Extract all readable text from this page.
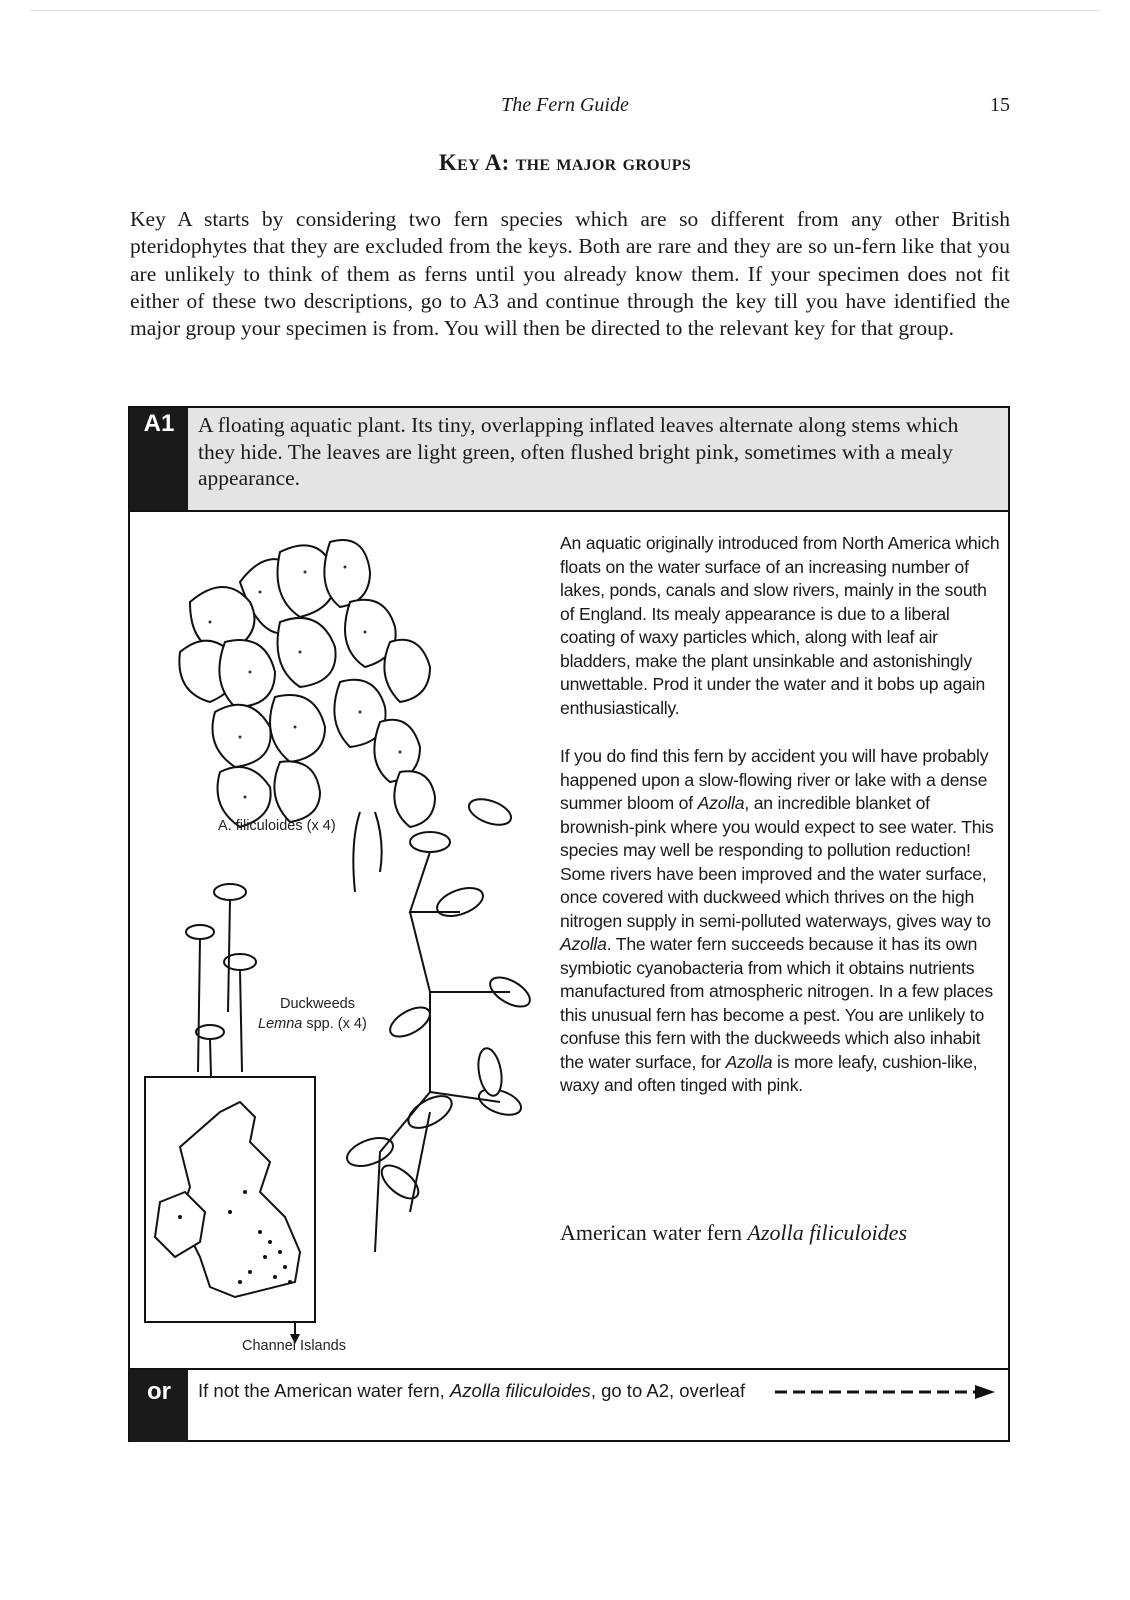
The Fern Guide	15
Key A: the major groups
Key A starts by considering two fern species which are so different from any other British pteridophytes that they are excluded from the keys. Both are rare and they are so un-fern like that you are unlikely to think of them as ferns until you already know them. If your specimen does not fit either of these two descriptions, go to A3 and continue through the key till you have identified the major group your specimen is from. You will then be directed to the relevant key for that group.
A1	A floating aquatic plant. Its tiny, overlapping inflated leaves alternate along stems which they hide. The leaves are light green, often flushed bright pink, sometimes with a mealy appearance.
A. filiculoides (x 4)
Duckweeds
Lemna spp. (x 4)
Channel Islands

An aquatic originally introduced from North America which floats on the water surface of an increasing number of lakes, ponds, canals and slow rivers, mainly in the south of England. Its mealy appearance is due to a liberal coating of waxy particles which, along with leaf air bladders, make the plant unsinkable and astonishingly unwettable. Prod it under the water and it bobs up again enthusiastically.

If you do find this fern by accident you will have probably happened upon a slow-flowing river or lake with a dense summer bloom of Azolla, an incredible blanket of brownish-pink where you would expect to see water. This species may well be responding to pollution reduction! Some rivers have been improved and the water surface, once covered with duckweed which thrives on the high nitrogen supply in semi-polluted waterways, gives way to Azolla. The water fern succeeds because it has its own symbiotic cyanobacteria from which it obtains nutrients manufactured from atmospheric nitrogen. In a few places this unusual fern has become a pest. You are unlikely to confuse this fern with the duckweeds which also inhabit the water surface, for Azolla is more leafy, cushion-like, waxy and often tinged with pink.

American water fern Azolla filiculoides
or	If not the American water fern, Azolla filiculoides, go to A2, overleaf
